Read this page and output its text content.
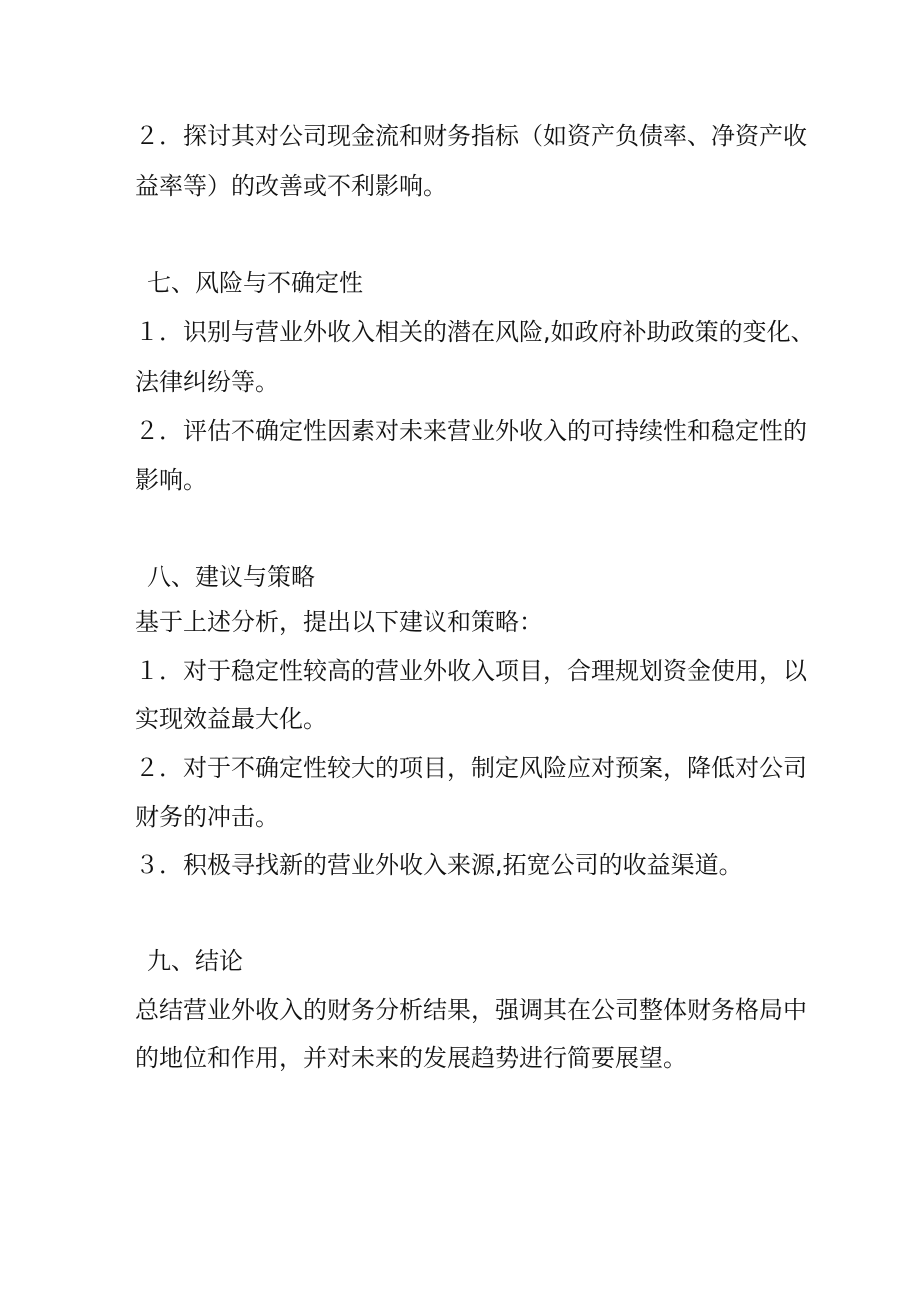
２．探讨其对公司现金流和财务指标（如资产负债率、净资产收
益率等）的改善或不利影响。
七、风险与不确定性
１．识别与营业外收入相关的潜在风险,如政府补助政策的变化、
法律纠纷等。
２．评估不确定性因素对未来营业外收入的可持续性和稳定性的
影响。
八、建议与策略
基于上述分析，提出以下建议和策略：
１．对于稳定性较高的营业外收入项目，合理规划资金使用，以
实现效益最大化。
２．对于不确定性较大的项目，制定风险应对预案，降低对公司
财务的冲击。
３．积极寻找新的营业外收入来源,拓宽公司的收益渠道。
九、结论
总结营业外收入的财务分析结果，强调其在公司整体财务格局中
的地位和作用，并对未来的发展趋势进行简要展望。
